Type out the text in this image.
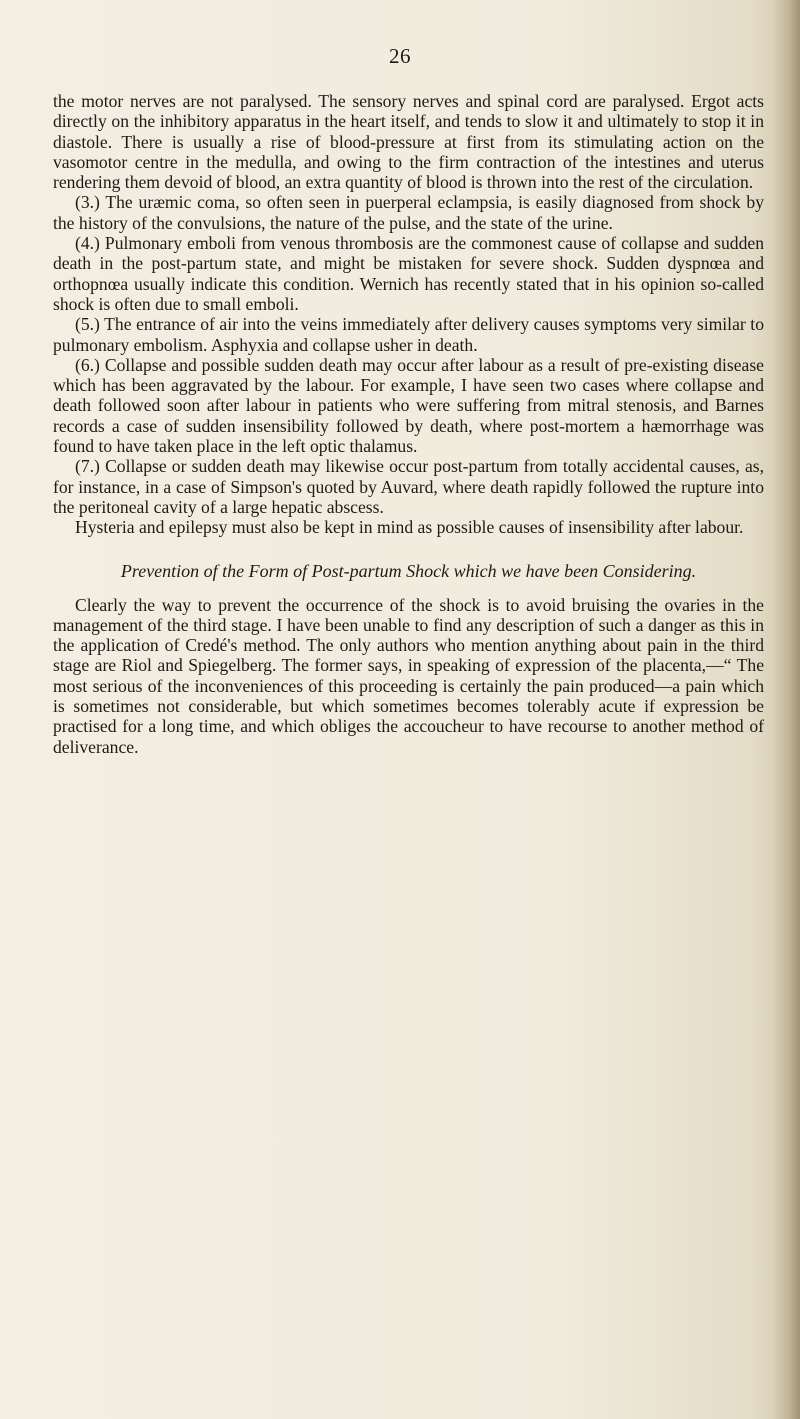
26

the motor nerves are not paralysed. The sensory nerves and spinal cord are paralysed. Ergot acts directly on the inhibitory apparatus in the heart itself, and tends to slow it and ultimately to stop it in diastole. There is usually a rise of blood-pressure at first from its stimulating action on the vasomotor centre in the medulla, and owing to the firm contraction of the intestines and uterus rendering them devoid of blood, an extra quantity of blood is thrown into the rest of the circulation.

(3.) The uræmic coma, so often seen in puerperal eclampsia, is easily diagnosed from shock by the history of the convulsions, the nature of the pulse, and the state of the urine.

(4.) Pulmonary emboli from venous thrombosis are the commonest cause of collapse and sudden death in the post-partum state, and might be mistaken for severe shock. Sudden dyspnœa and orthopnœa usually indicate this condition. Wernich has recently stated that in his opinion so-called shock is often due to small emboli.

(5.) The entrance of air into the veins immediately after delivery causes symptoms very similar to pulmonary embolism. Asphyxia and collapse usher in death.

(6.) Collapse and possible sudden death may occur after labour as a result of pre-existing disease which has been aggravated by the labour. For example, I have seen two cases where collapse and death followed soon after labour in patients who were suffering from mitral stenosis, and Barnes records a case of sudden insensibility followed by death, where post-mortem a hæmorrhage was found to have taken place in the left optic thalamus.

(7.) Collapse or sudden death may likewise occur post-partum from totally accidental causes, as, for instance, in a case of Simpson's quoted by Auvard, where death rapidly followed the rupture into the peritoneal cavity of a large hepatic abscess.

Hysteria and epilepsy must also be kept in mind as possible causes of insensibility after labour.

Prevention of the Form of Post-partum Shock which we have been Considering.

Clearly the way to prevent the occurrence of the shock is to avoid bruising the ovaries in the management of the third stage. I have been unable to find any description of such a danger as this in the application of Credé's method. The only authors who mention anything about pain in the third stage are Riol and Spiegelberg. The former says, in speaking of expression of the placenta,—“ The most serious of the inconveniences of this proceeding is certainly the pain produced—a pain which is sometimes not considerable, but which sometimes becomes tolerably acute if expression be practised for a long time, and which obliges the accoucheur to have recourse to another method of deliverance.
